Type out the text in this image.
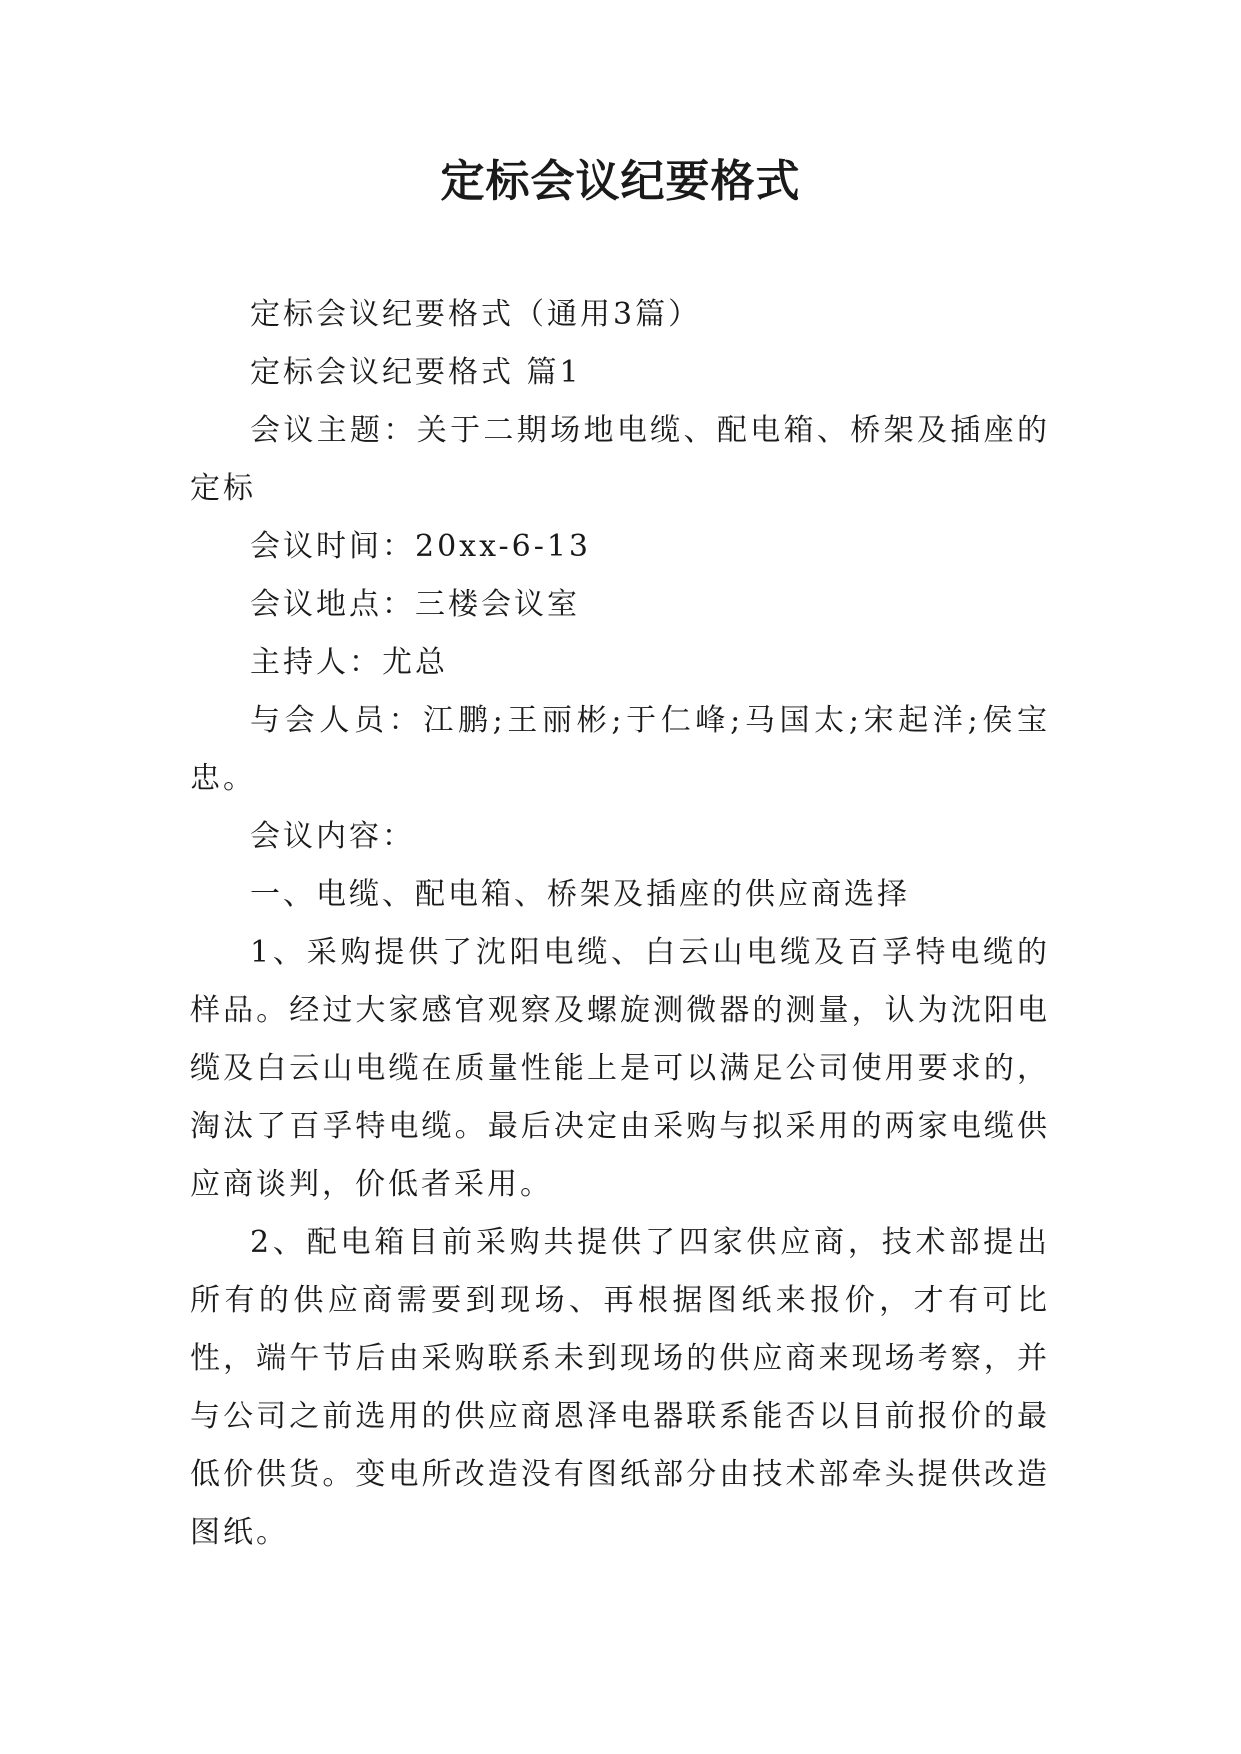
定标会议纪要格式

定标会议纪要格式（通用3篇）

定标会议纪要格式 篇1

会议主题：关于二期场地电缆、配电箱、桥架及插座的定标

会议时间：20xx-6-13

会议地点：三楼会议室

主持人：尤总

与会人员：江鹏;王丽彬;于仁峰;马国太;宋起洋;侯宝忠。

会议内容：

一、电缆、配电箱、桥架及插座的供应商选择

1、采购提供了沈阳电缆、白云山电缆及百孚特电缆的样品。经过大家感官观察及螺旋测微器的测量，认为沈阳电缆及白云山电缆在质量性能上是可以满足公司使用要求的，淘汰了百孚特电缆。最后决定由采购与拟采用的两家电缆供应商谈判，价低者采用。

2、配电箱目前采购共提供了四家供应商，技术部提出所有的供应商需要到现场、再根据图纸来报价，才有可比性，端午节后由采购联系未到现场的供应商来现场考察，并与公司之前选用的供应商恩泽电器联系能否以目前报价的最低价供货。变电所改造没有图纸部分由技术部牵头提供改造图纸。
